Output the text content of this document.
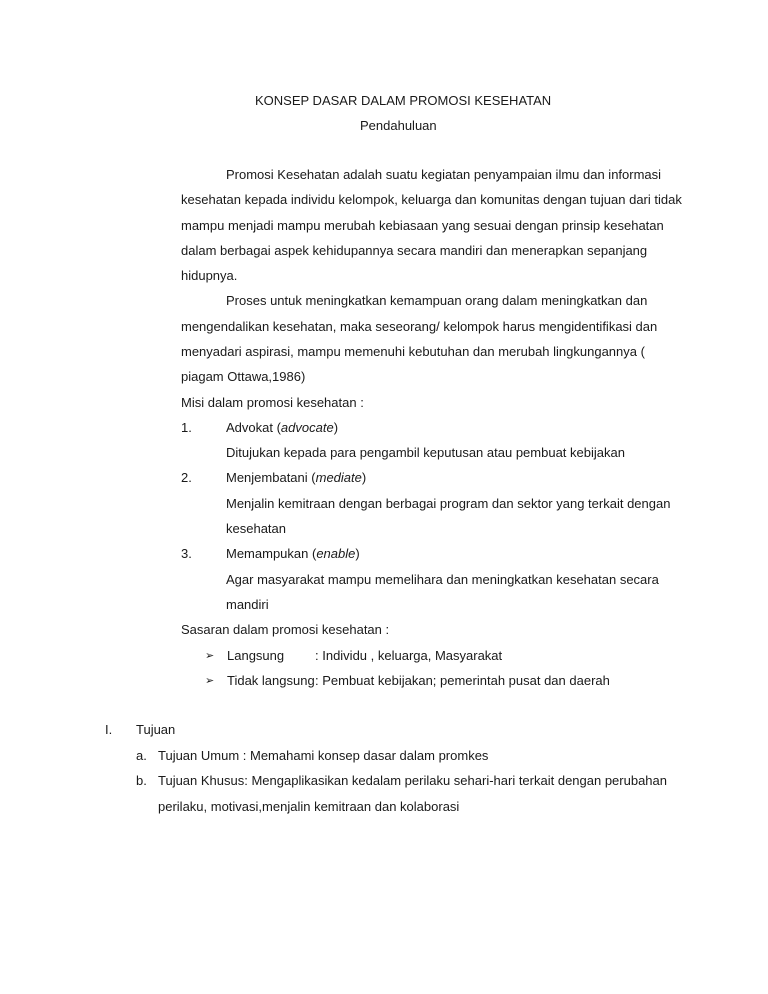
KONSEP DASAR DALAM PROMOSI KESEHATAN
Pendahuluan
Promosi Kesehatan adalah suatu kegiatan penyampaian ilmu dan informasi
kesehatan kepada individu kelompok, keluarga dan komunitas dengan tujuan dari tidak
mampu menjadi mampu merubah kebiasaan yang sesuai dengan prinsip kesehatan
dalam berbagai aspek kehidupannya secara mandiri dan menerapkan sepanjang
hidupnya.
Proses untuk meningkatkan kemampuan orang dalam meningkatkan dan
mengendalikan kesehatan, maka seseorang/ kelompok harus mengidentifikasi dan
menyadari aspirasi, mampu memenuhi kebutuhan dan merubah lingkungannya (
piagam Ottawa,1986)
Misi dalam promosi kesehatan :
1.	Advokat (advocate)
Ditujukan kepada para pengambil keputusan atau pembuat kebijakan
2.	Menjembatani (mediate)
Menjalin kemitraan dengan berbagai program dan sektor yang terkait dengan
kesehatan
3.	Memampukan (enable)
Agar masyarakat mampu memelihara dan meningkatkan kesehatan secara
mandiri
Sasaran dalam promosi kesehatan :
➢ Langsung : Individu , keluarga, Masyarakat
➢ Tidak langsung : Pembuat kebijakan; pemerintah pusat dan daerah
I. Tujuan
a. Tujuan Umum : Memahami konsep dasar dalam promkes
b. Tujuan Khusus: Mengaplikasikan kedalam perilaku sehari-hari terkait dengan perubahan
perilaku, motivasi,menjalin kemitraan dan kolaborasi
